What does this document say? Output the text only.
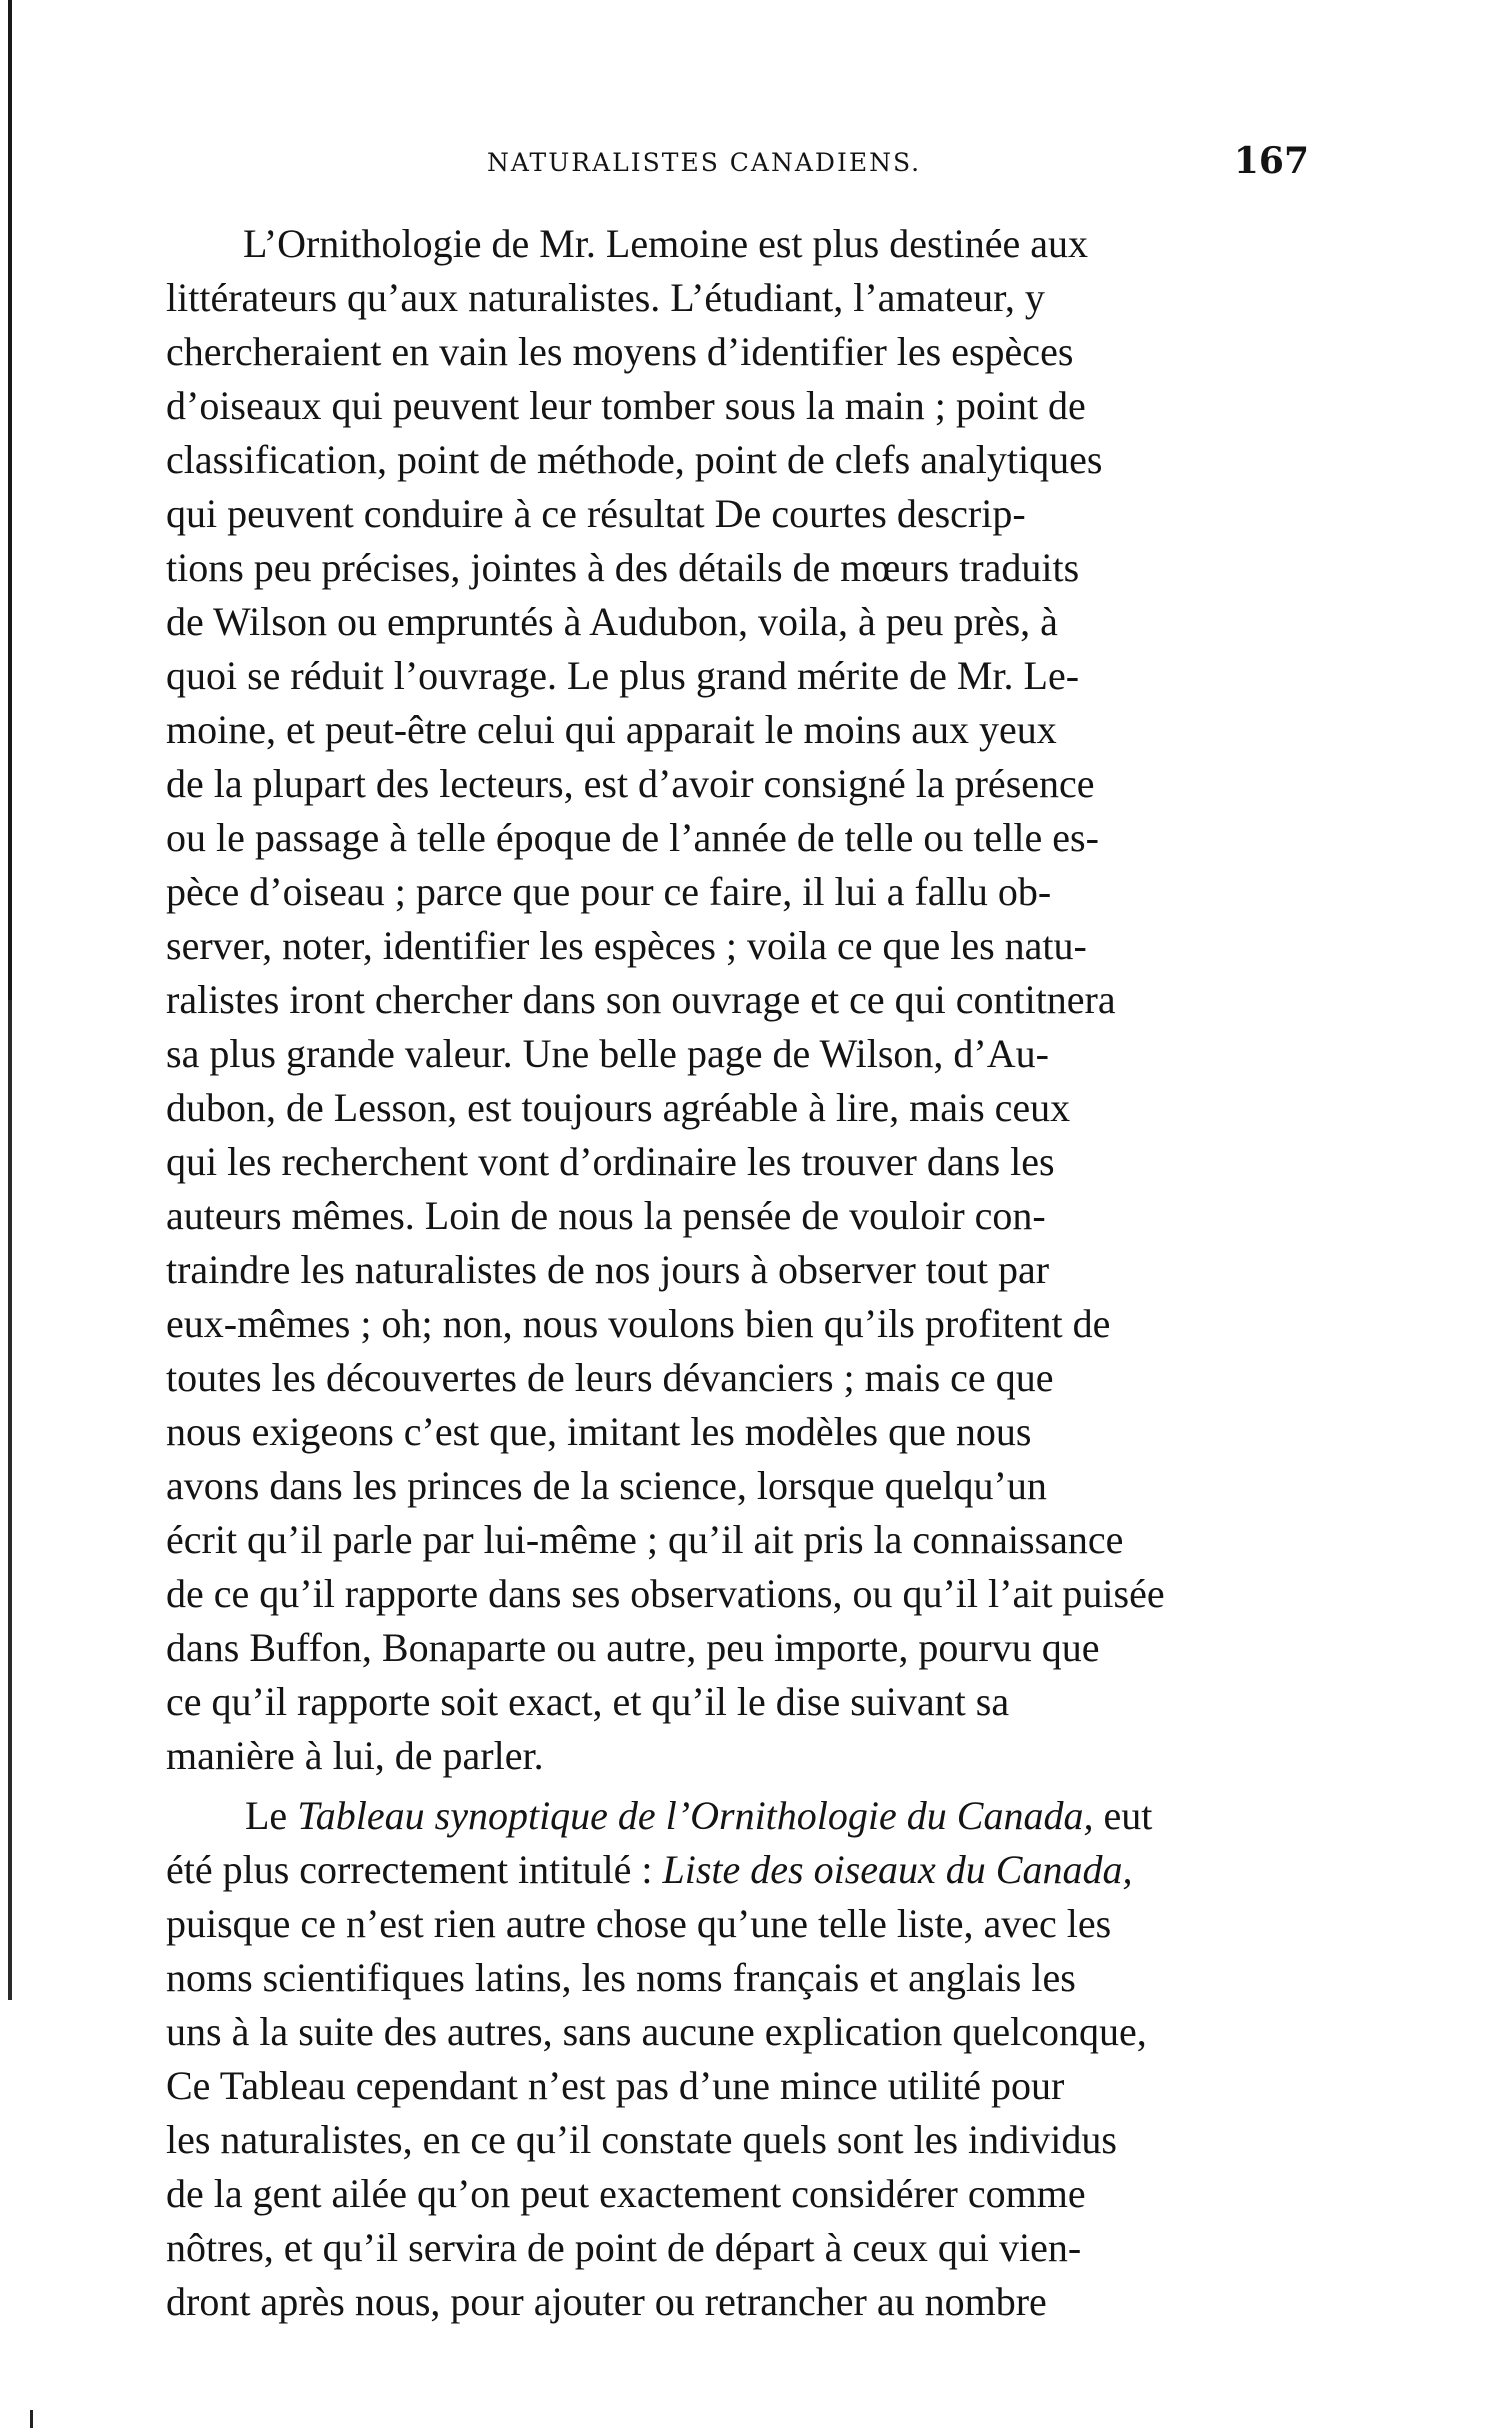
NATURALISTES CANADIENS.	167
L’Ornithologie de Mr. Lemoine est plus destinée aux
littérateurs qu’aux naturalistes. L’étudiant, l’amateur, y
chercheraient en vain les moyens d’identifier les espèces
d’oiseaux qui peuvent leur tomber sous la main ; point de
classification, point de méthode, point de clefs analytiques
qui peuvent conduire à ce résultat De courtes descrip-
tions peu précises, jointes à des détails de mœurs traduits
de Wilson ou empruntés à Audubon, voila, à peu près, à
quoi se réduit l’ouvrage. Le plus grand mérite de Mr. Le-
moine, et peut-être celui qui apparait le moins aux yeux
de la plupart des lecteurs, est d’avoir consigné la présence
ou le passage à telle époque de l’année de telle ou telle es-
pèce d’oiseau ; parce que pour ce faire, il lui a fallu ob-
server, noter, identifier les espèces ; voila ce que les natu-
ralistes iront chercher dans son ouvrage et ce qui contitnera
sa plus grande valeur. Une belle page de Wilson, d’Au-
dubon, de Lesson, est toujours agréable à lire, mais ceux
qui les recherchent vont d’ordinaire les trouver dans les
auteurs mêmes. Loin de nous la pensée de vouloir con-
traindre les naturalistes de nos jours à observer tout par
eux-mêmes ; oh; non, nous voulons bien qu’ils profitent de
toutes les découvertes de leurs dévanciers ; mais ce que
nous exigeons c’est que, imitant les modèles que nous
avons dans les princes de la science, lorsque quelqu’un
écrit qu’il parle par lui-même ; qu’il ait pris la connaissance
de ce qu’il rapporte dans ses observations, ou qu’il l’ait puisée
dans Buffon, Bonaparte ou autre, peu importe, pourvu que
ce qu’il rapporte soit exact, et qu’il le dise suivant sa
manière à lui, de parler.
Le Tableau synoptique de l’Ornithologie du Canada, eut
été plus correctement intitulé : Liste des oiseaux du Canada,
puisque ce n’est rien autre chose qu’une telle liste, avec les
noms scientifiques latins, les noms français et anglais les
uns à la suite des autres, sans aucune explication quelconque,
Ce Tableau cependant n’est pas d’une mince utilité pour
les naturalistes, en ce qu’il constate quels sont les individus
de la gent ailée qu’on peut exactement considérer comme
nôtres, et qu’il servira de point de départ à ceux qui vien-
dront après nous, pour ajouter ou retrancher au nombre
